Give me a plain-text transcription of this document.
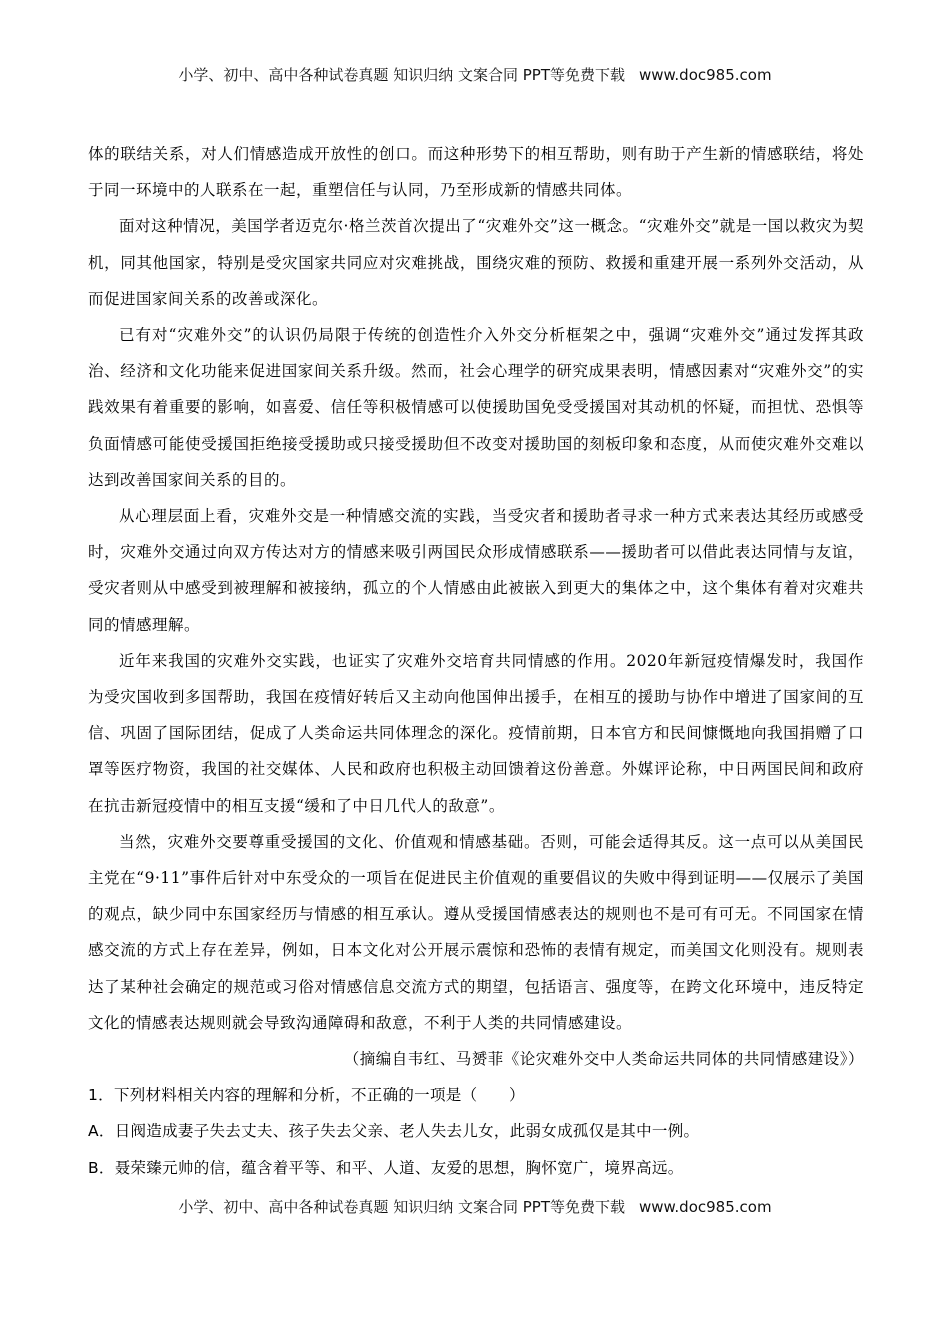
小学、初中、高中各种试卷真题 知识归纳 文案合同 PPT等免费下载 www.doc985.com

体的联结关系，对人们情感造成开放性的创口。而这种形势下的相互帮助，则有助于产生新的情感联结，将处于同一环境中的人联系在一起，重塑信任与认同，乃至形成新的情感共同体。

面对这种情况，美国学者迈克尔·格兰茨首次提出了“灾难外交”这一概念。“灾难外交”就是一国以救灾为契机，同其他国家，特别是受灾国家共同应对灾难挑战，围绕灾难的预防、救援和重建开展一系列外交活动，从而促进国家间关系的改善或深化。

已有对“灾难外交”的认识仍局限于传统的创造性介入外交分析框架之中，强调“灾难外交”通过发挥其政治、经济和文化功能来促进国家间关系升级。然而，社会心理学的研究成果表明，情感因素对“灾难外交”的实践效果有着重要的影响，如喜爱、信任等积极情感可以使援助国免受受援国对其动机的怀疑，而担忧、恐惧等负面情感可能使受援国拒绝接受援助或只接受援助但不改变对援助国的刻板印象和态度，从而使灾难外交难以达到改善国家间关系的目的。

从心理层面上看，灾难外交是一种情感交流的实践，当受灾者和援助者寻求一种方式来表达其经历或感受时，灾难外交通过向双方传达对方的情感来吸引两国民众形成情感联系——援助者可以借此表达同情与友谊，受灾者则从中感受到被理解和被接纳，孤立的个人情感由此被嵌入到更大的集体之中，这个集体有着对灾难共同的情感理解。

近年来我国的灾难外交实践，也证实了灾难外交培育共同情感的作用。2020年新冠疫情爆发时，我国作为受灾国收到多国帮助，我国在疫情好转后又主动向他国伸出援手，在相互的援助与协作中增进了国家间的互信、巩固了国际团结，促成了人类命运共同体理念的深化。疫情前期，日本官方和民间慷慨地向我国捐赠了口罩等医疗物资，我国的社交媒体、人民和政府也积极主动回馈着这份善意。外媒评论称，中日两国民间和政府在抗击新冠疫情中的相互支援“缓和了中日几代人的敌意”。

当然，灾难外交要尊重受援国的文化、价值观和情感基础。否则，可能会适得其反。这一点可以从美国民主党在“9·11”事件后针对中东受众的一项旨在促进民主价值观的重要倡议的失败中得到证明——仅展示了美国的观点，缺少同中东国家经历与情感的相互承认。遵从受援国情感表达的规则也不是可有可无。不同国家在情感交流的方式上存在差异，例如，日本文化对公开展示震惊和恐怖的表情有规定，而美国文化则没有。规则表达了某种社会确定的规范或习俗对情感信息交流方式的期望，包括语言、强度等，在跨文化环境中，违反特定文化的情感表达规则就会导致沟通障碍和敌意，不利于人类的共同情感建设。

（摘编自韦红、马赟菲《论灾难外交中人类命运共同体的共同情感建设》）

1．下列材料相关内容的理解和分析，不正确的一项是（　　）

A．日阀造成妻子失去丈夫、孩子失去父亲、老人失去儿女，此弱女成孤仅是其中一例。

B．聂荣臻元帅的信，蕴含着平等、和平、人道、友爱的思想，胸怀宽广，境界高远。

小学、初中、高中各种试卷真题 知识归纳 文案合同 PPT等免费下载 www.doc985.com
